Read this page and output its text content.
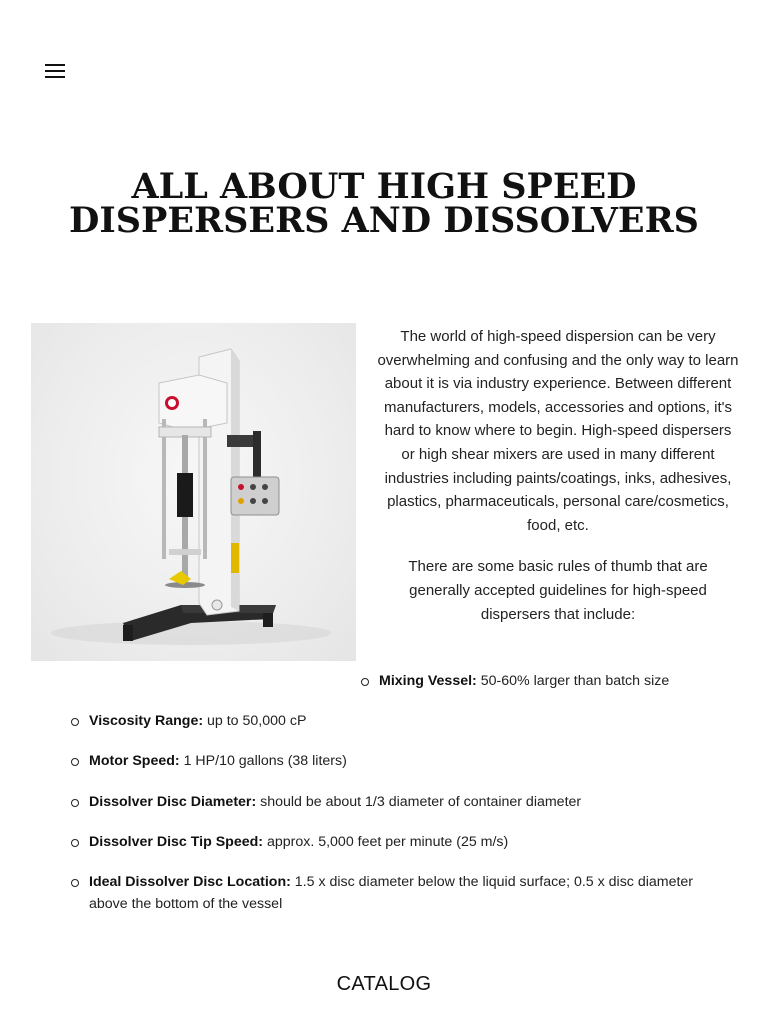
ALL ABOUT HIGH SPEED
DISPERSERS AND DISSOLVERS

The world of high-speed dispersion can be very overwhelming and confusing and the only way to learn about it is via industry experience. Between different manufacturers, models, accessories and options, it's hard to know where to begin. High-speed dispersers or high shear mixers are used in many different industries including paints/coatings, inks, adhesives, plastics, pharmaceuticals, personal care/cosmetics, food, etc.

There are some basic rules of thumb that are generally accepted guidelines for high-speed dispersers that include:

Mixing Vessel: 50-60% larger than batch size
Viscosity Range: up to 50,000 cP
Motor Speed: 1 HP/10 gallons (38 liters)
Dissolver Disc Diameter: should be about 1/3 diameter of container diameter
Dissolver Disc Tip Speed: approx. 5,000 feet per minute (25 m/s)
Ideal Dissolver Disc Location: 1.5 x disc diameter below the liquid surface; 0.5 x disc diameter above the bottom of the vessel
CATALOG
